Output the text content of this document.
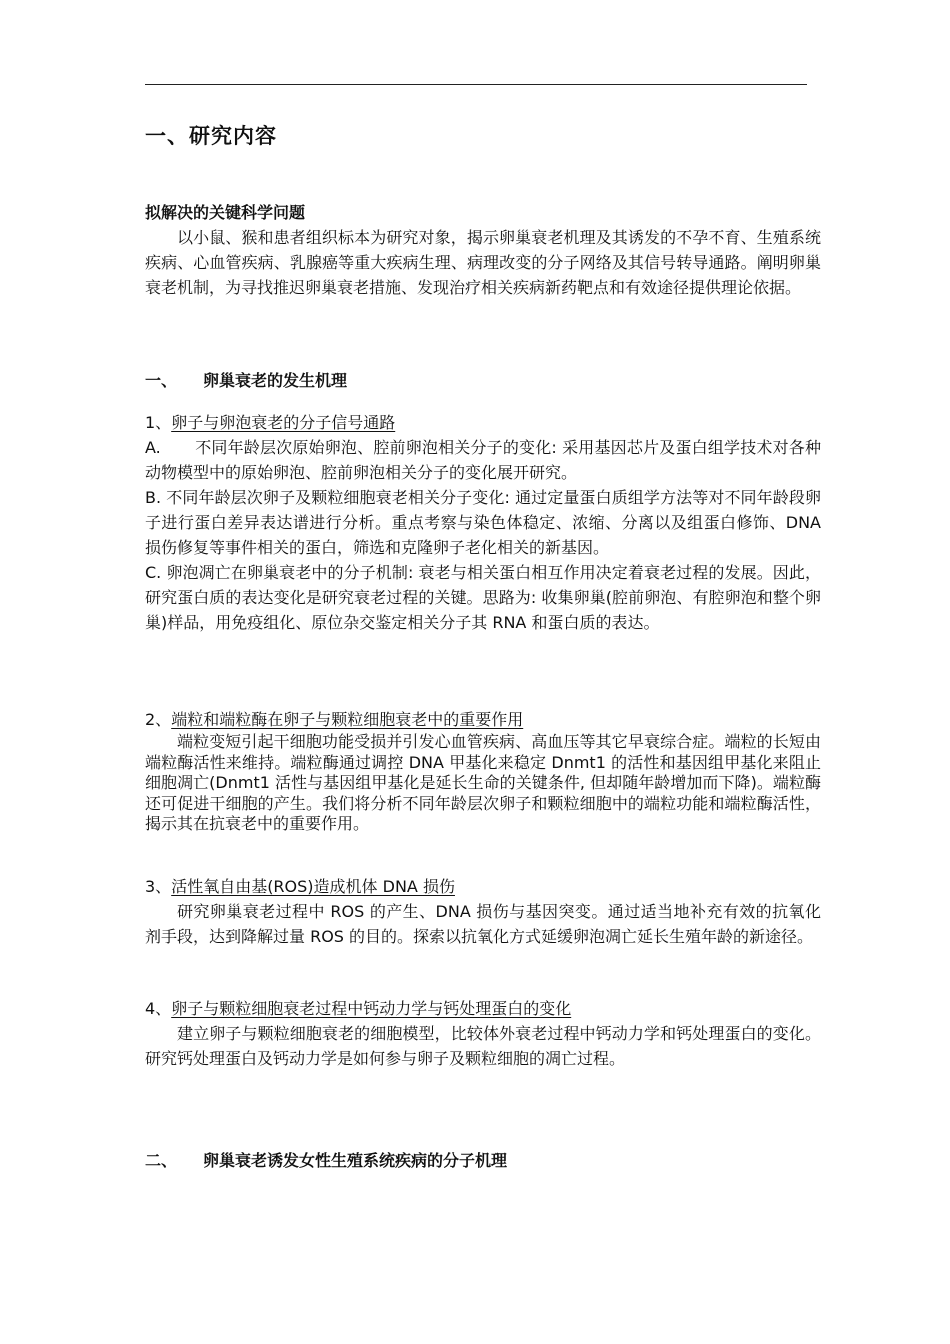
一、研究内容

拟解决的关键科学问题

以小鼠、猴和患者组织标本为研究对象，揭示卵巢衰老机理及其诱发的不孕不育、生殖系统疾病、心血管疾病、乳腺癌等重大疾病生理、病理改变的分子网络及其信号转导通路。阐明卵巢衰老机制，为寻找推迟卵巢衰老措施、发现治疗相关疾病新药靶点和有效途径提供理论依据。

一、 卵巢衰老的发生机理

1、卵子与卵泡衰老的分子信号通路

A. 不同年龄层次原始卵泡、腔前卵泡相关分子的变化: 采用基因芯片及蛋白组学技术对各种动物模型中的原始卵泡、腔前卵泡相关分子的变化展开研究。

B. 不同年龄层次卵子及颗粒细胞衰老相关分子变化: 通过定量蛋白质组学方法等对不同年龄段卵子进行蛋白差异表达谱进行分析。重点考察与染色体稳定、浓缩、分离以及组蛋白修饰、DNA 损伤修复等事件相关的蛋白，筛选和克隆卵子老化相关的新基因。

C. 卵泡凋亡在卵巢衰老中的分子机制: 衰老与相关蛋白相互作用决定着衰老过程的发展。因此，研究蛋白质的表达变化是研究衰老过程的关键。思路为: 收集卵巢(腔前卵泡、有腔卵泡和整个卵巢)样品，用免疫组化、原位杂交鉴定相关分子其 RNA 和蛋白质的表达。

2、端粒和端粒酶在卵子与颗粒细胞衰老中的重要作用

端粒变短引起干细胞功能受损并引发心血管疾病、高血压等其它早衰综合症。端粒的长短由端粒酶活性来维持。端粒酶通过调控 DNA 甲基化来稳定 Dnmt1 的活性和基因组甲基化来阻止细胞凋亡(Dnmt1 活性与基因组甲基化是延长生命的关键条件, 但却随年龄增加而下降)。端粒酶还可促进干细胞的产生。我们将分析不同年龄层次卵子和颗粒细胞中的端粒功能和端粒酶活性，揭示其在抗衰老中的重要作用。

3、活性氧自由基(ROS)造成机体 DNA 损伤

研究卵巢衰老过程中 ROS 的产生、DNA 损伤与基因突变。通过适当地补充有效的抗氧化剂手段，达到降解过量 ROS 的目的。探索以抗氧化方式延缓卵泡凋亡延长生殖年龄的新途径。

4、卵子与颗粒细胞衰老过程中钙动力学与钙处理蛋白的变化

建立卵子与颗粒细胞衰老的细胞模型，比较体外衰老过程中钙动力学和钙处理蛋白的变化。研究钙处理蛋白及钙动力学是如何参与卵子及颗粒细胞的凋亡过程。

二、 卵巢衰老诱发女性生殖系统疾病的分子机理
